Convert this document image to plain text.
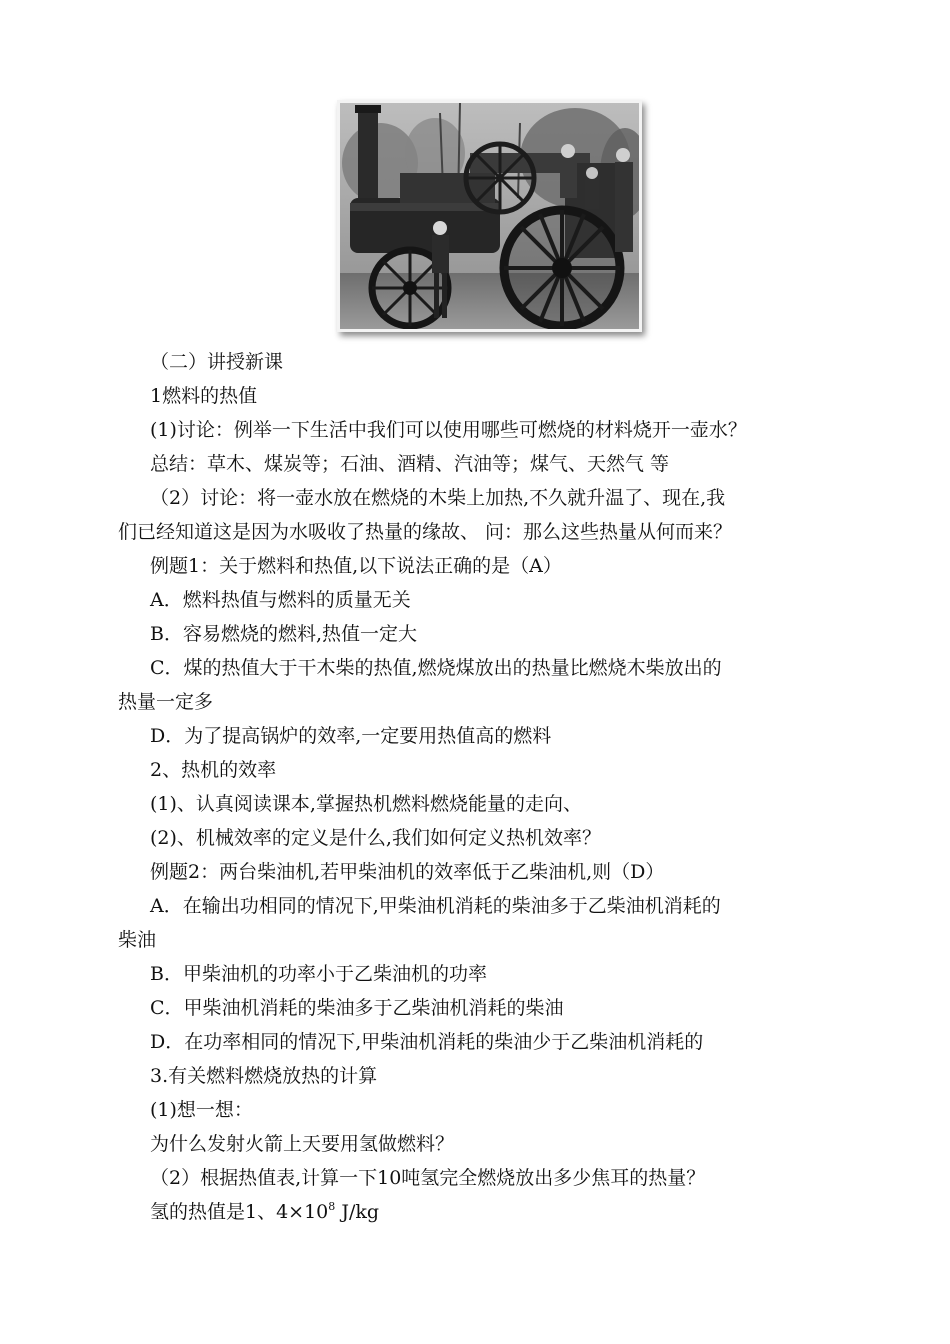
（二）讲授新课
1燃料的热值
(1)讨论：例举一下生活中我们可以使用哪些可燃烧的材料烧开一壶水？
总结：草木、煤炭等；石油、酒精、汽油等；煤气、天然气 等
（2）讨论：将一壶水放在燃烧的木柴上加热,不久就升温了、现在,我
们已经知道这是因为水吸收了热量的缘故、 问：那么这些热量从何而来？
例题1：关于燃料和热值,以下说法正确的是（A）
A．燃料热值与燃料的质量无关
B．容易燃烧的燃料,热值一定大
C．煤的热值大于干木柴的热值,燃烧煤放出的热量比燃烧木柴放出的
热量一定多
D．为了提高锅炉的效率,一定要用热值高的燃料
2、热机的效率
(1)、认真阅读课本,掌握热机燃料燃烧能量的走向、
(2)、机械效率的定义是什么,我们如何定义热机效率？
例题2：两台柴油机,若甲柴油机的效率低于乙柴油机,则（D）
A．在输出功相同的情况下,甲柴油机消耗的柴油多于乙柴油机消耗的
柴油
B．甲柴油机的功率小于乙柴油机的功率
C．甲柴油机消耗的柴油多于乙柴油机消耗的柴油
D．在功率相同的情况下,甲柴油机消耗的柴油少于乙柴油机消耗的
3.有关燃料燃烧放热的计算
(1)想一想：
为什么发射火箭上天要用氢做燃料？
（2）根据热值表,计算一下10吨氢完全燃烧放出多少焦耳的热量？
氢的热值是1、$4\times 10^8$ J/kg
